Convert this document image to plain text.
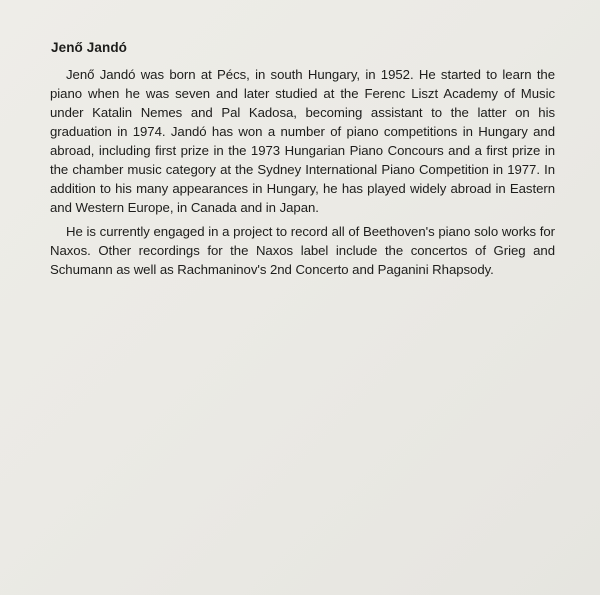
Jenő Jandó

Jenő Jandó was born at Pécs, in south Hungary, in 1952. He started to learn the piano when he was seven and later studied at the Ferenc Liszt Academy of Music under Katalin Nemes and Pal Kadosa, becoming assistant to the latter on his graduation in 1974. Jandó has won a number of piano competitions in Hungary and abroad, including first prize in the 1973 Hungarian Piano Concours and a first prize in the chamber music category at the Sydney International Piano Competition in 1977. In addition to his many appearances in Hungary, he has played widely abroad in Eastern and Western Europe, in Canada and in Japan.

He is currently engaged in a project to record all of Beethoven's piano solo works for Naxos. Other recordings for the Naxos label include the concertos of Grieg and Schumann as well as Rachmaninov's 2nd Concerto and Paganini Rhapsody.
